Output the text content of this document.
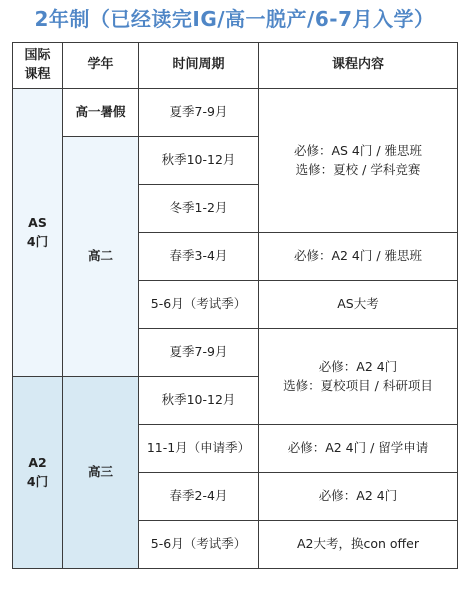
2年制（已经读完IG/高一脱产/6-7月入学）
国际
课程	学年	时间周期	课程内容
AS
4门	高一暑假	夏季7-9月	必修：AS 4门 / 雅思班
选修：夏校 / 学科竞赛
	高二	秋季10-12月	
		冬季1-2月	
		春季3-4月	必修：A2 4门 / 雅思班
		5-6月（考试季）	AS大考
		夏季7-9月	必修：A2 4门
选修：夏校项目 / 科研项目
A2
4门	高三	秋季10-12月	
		11-1月（申请季）	必修：A2 4门 / 留学申请
		春季2-4月	必修：A2 4门
		5-6月（考试季）	A2大考，换con offer
